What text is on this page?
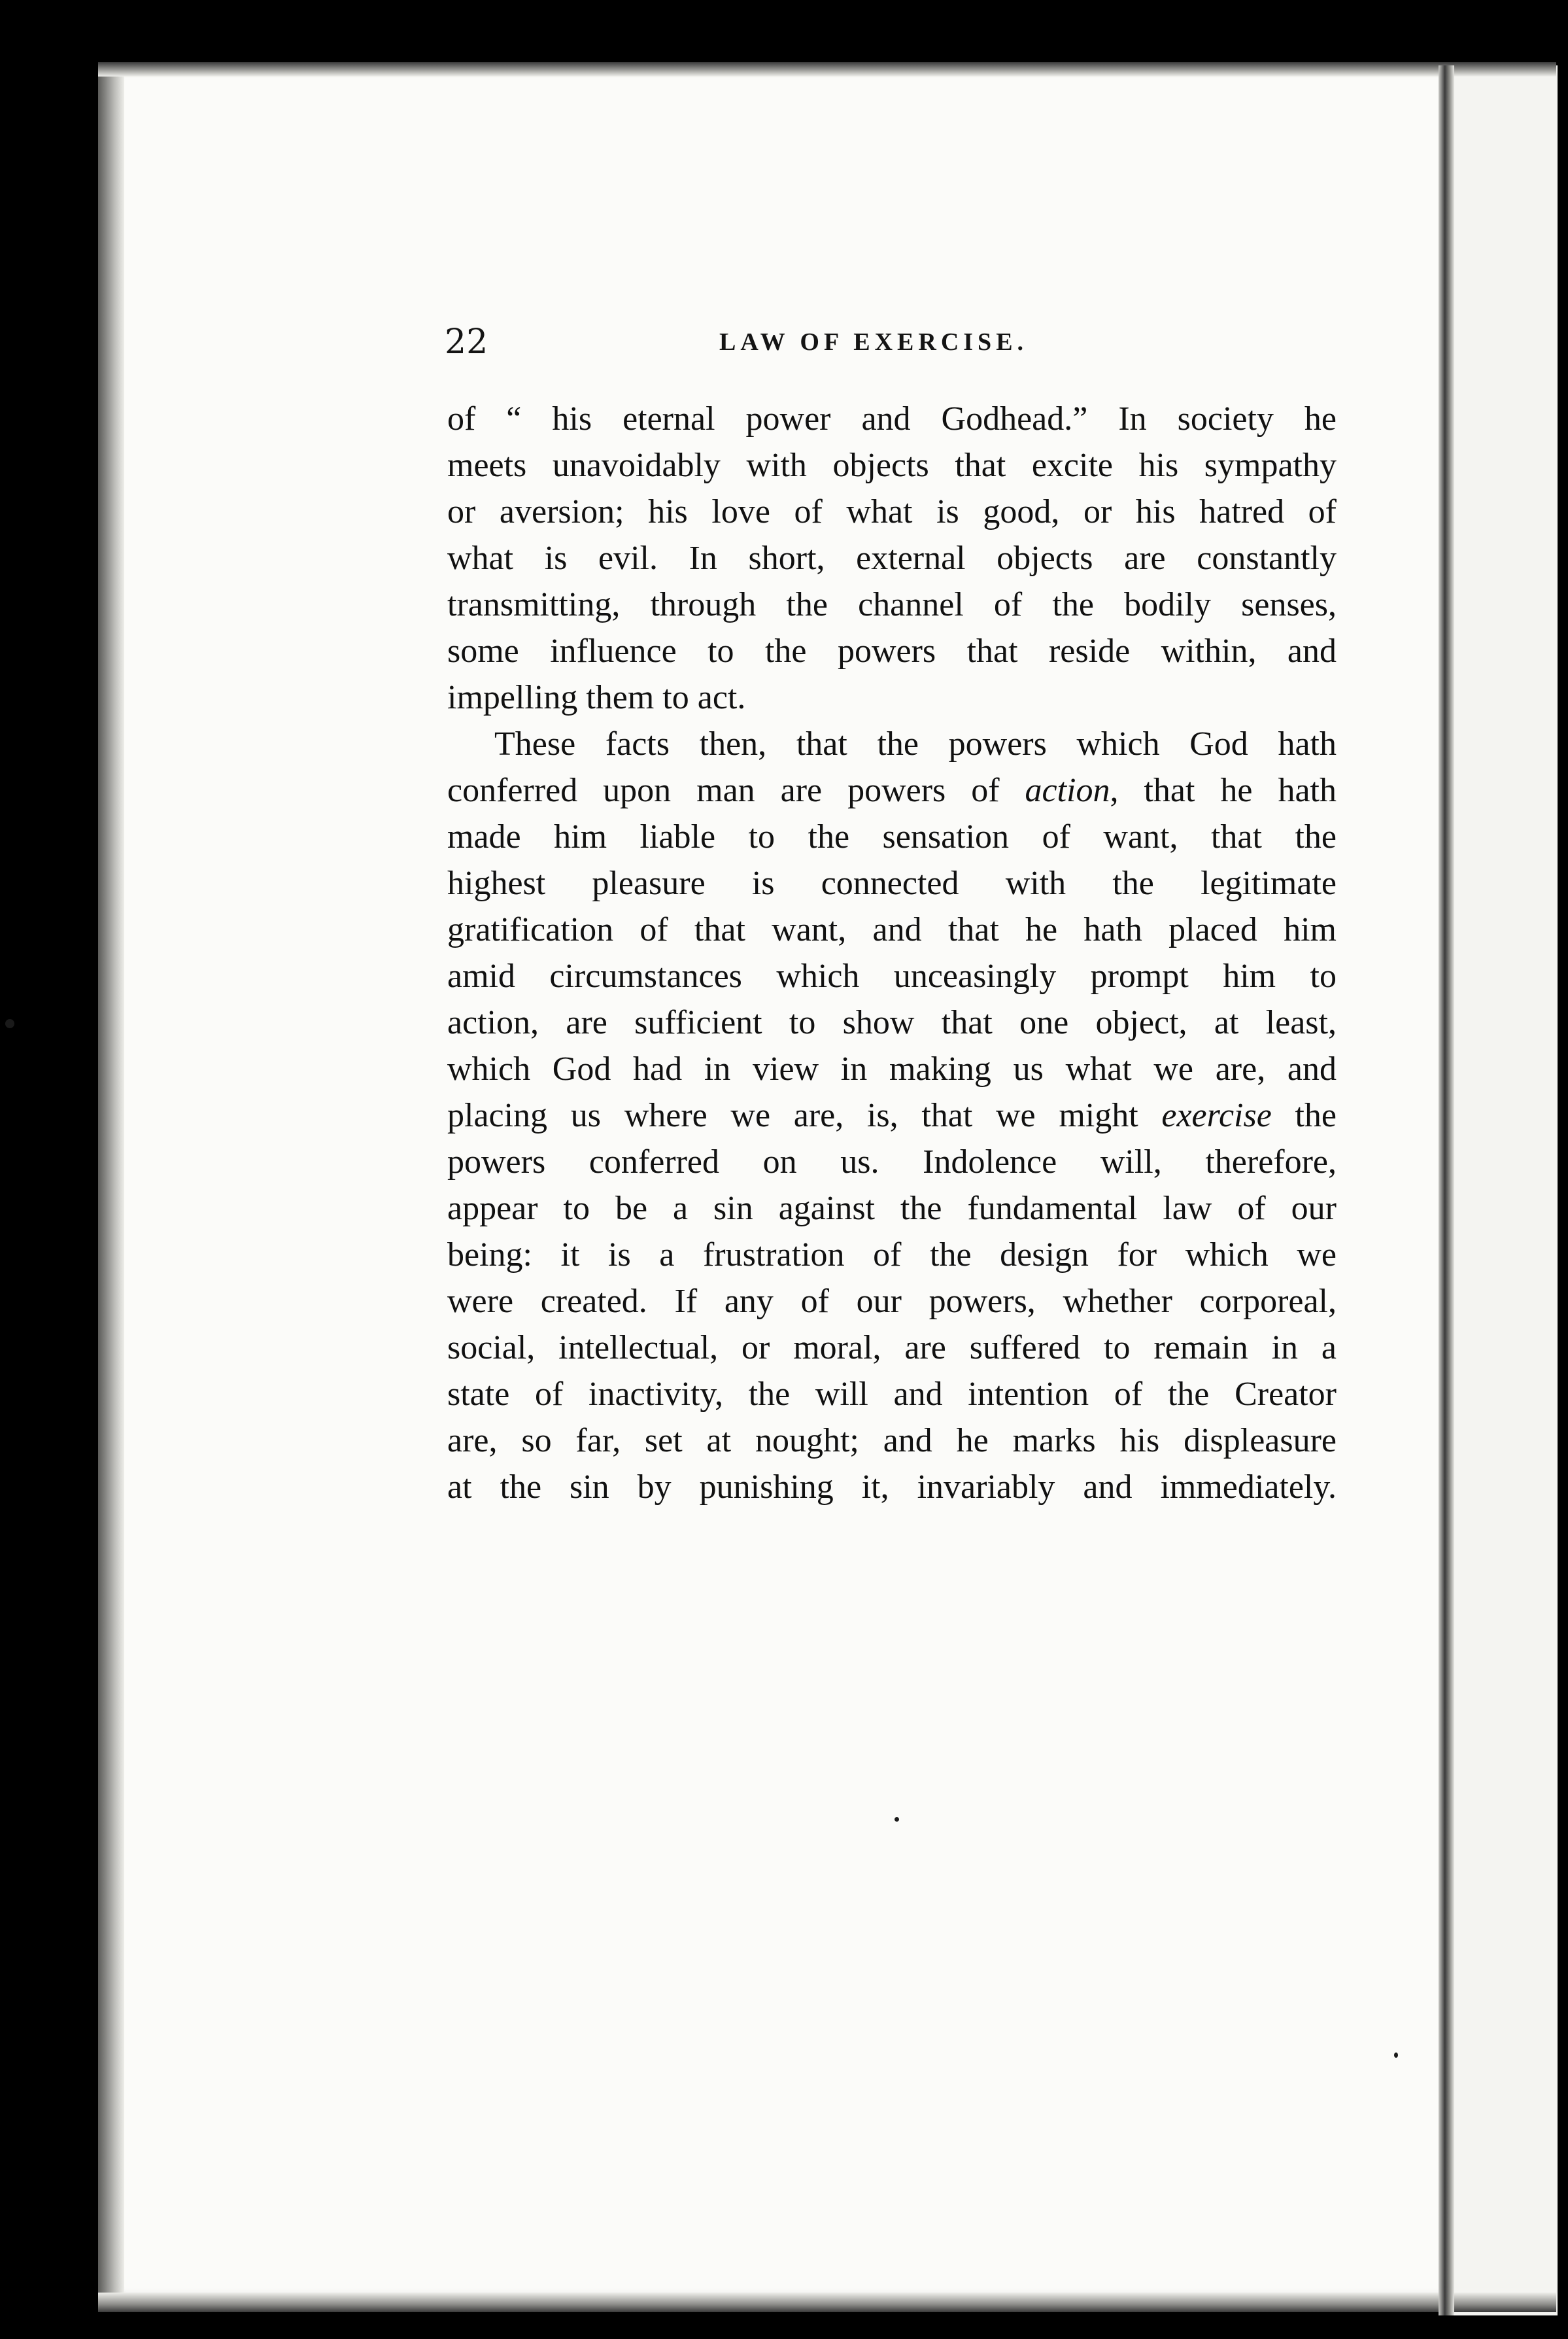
22	LAW OF EXERCISE.

of “ his eternal power and Godhead.” In society he
meets unavoidably with objects that excite his sympathy
or aversion; his love of what is good, or his hatred of
what is evil. In short, external objects are constantly
transmitting, through the channel of the bodily senses,
some influence to the powers that reside within, and
impelling them to act.

These facts then, that the powers which God hath
conferred upon man are powers of action, that he hath
made him liable to the sensation of want, that the
highest pleasure is connected with the legitimate
gratification of that want, and that he hath placed him
amid circumstances which unceasingly prompt him to
action, are sufficient to show that one object, at least,
which God had in view in making us what we are, and
placing us where we are, is, that we might exercise the
powers conferred on us. Indolence will, therefore,
appear to be a sin against the fundamental law of our
being: it is a frustration of the design for which we
were created. If any of our powers, whether corporeal,
social, intellectual, or moral, are suffered to remain in a
state of inactivity, the will and intention of the Creator
are, so far, set at nought; and he marks his displeasure
at the sin by punishing it, invariably and immediately.
